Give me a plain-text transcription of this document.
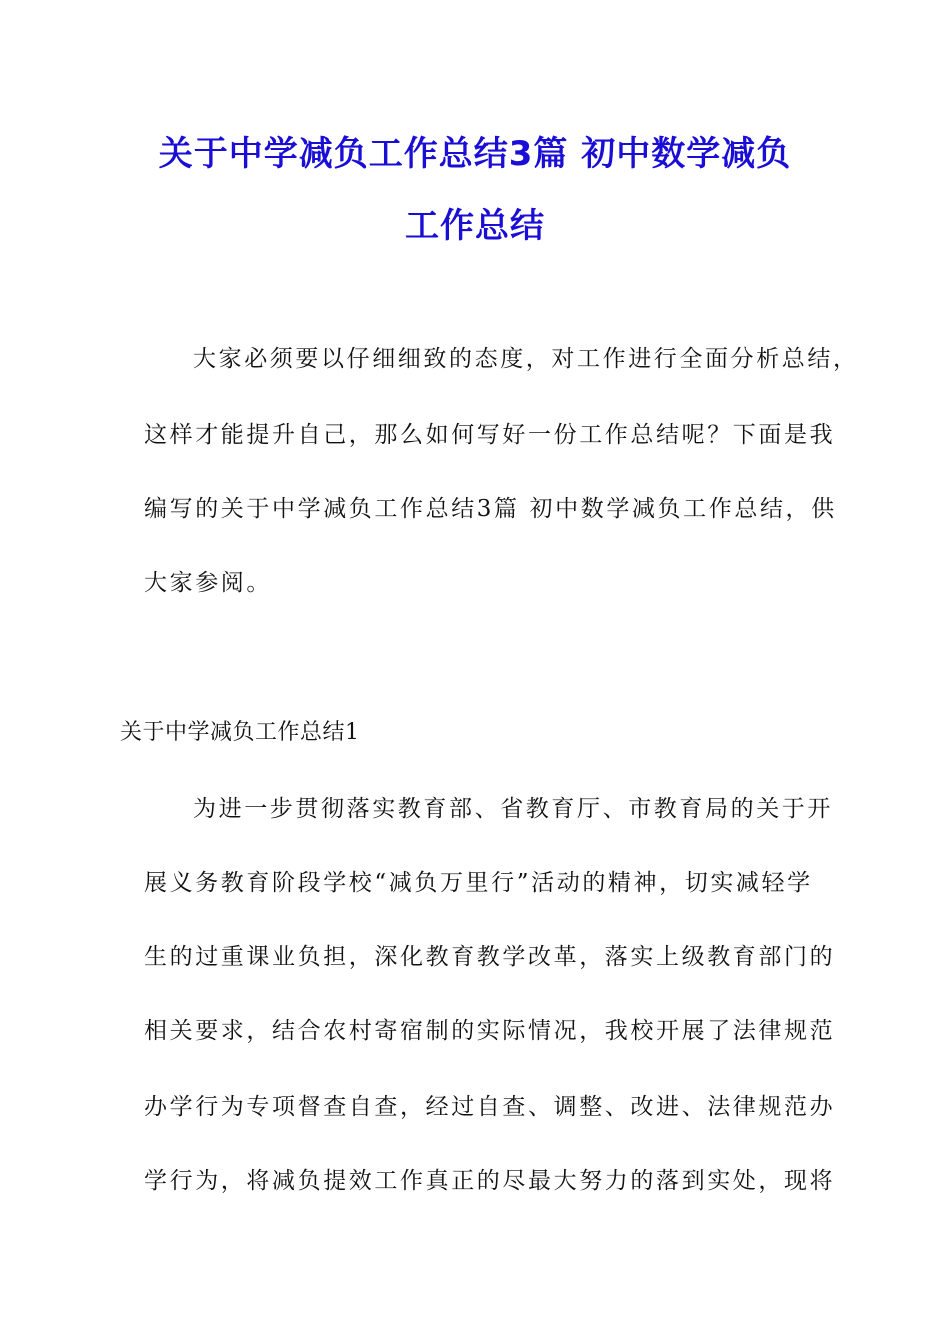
关于中学减负工作总结3篇 初中数学减负
工作总结
大家必须要以仔细细致的态度，对工作进行全面分析总结，
这样才能提升自己，那么如何写好一份工作总结呢？下面是我
编写的关于中学减负工作总结3篇 初中数学减负工作总结，供
大家参阅。
关于中学减负工作总结1
为进一步贯彻落实教育部、省教育厅、市教育局的关于开
展义务教育阶段学校“减负万里行”活动的精神，切实减轻学
生的过重课业负担，深化教育教学改革，落实上级教育部门的
相关要求，结合农村寄宿制的实际情况，我校开展了法律规范
办学行为专项督查自查，经过自查、调整、改进、法律规范办
学行为，将减负提效工作真正的尽最大努力的落到实处，现将
